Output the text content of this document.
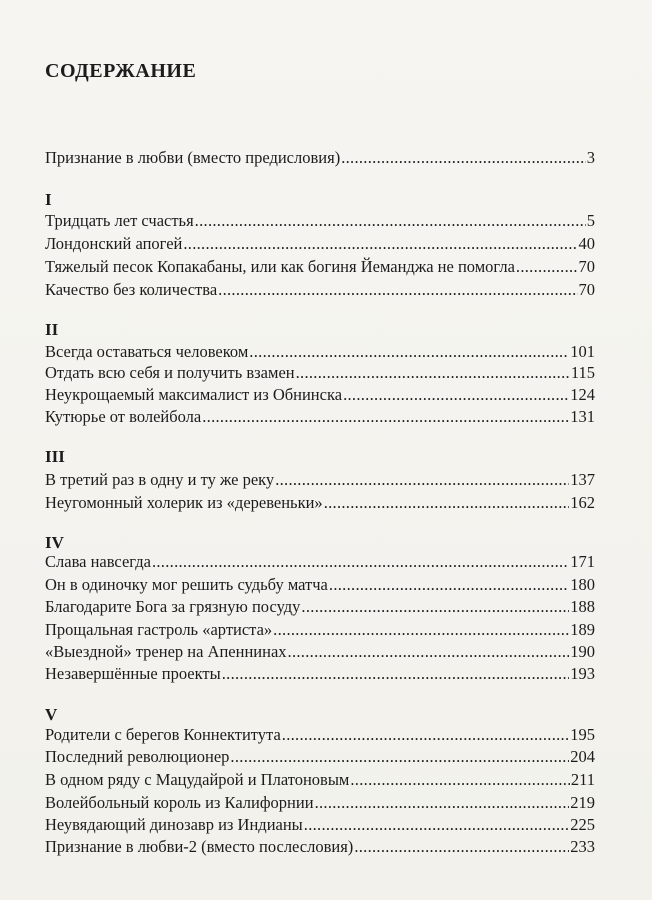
СОДЕРЖАНИЕ
Признание в любви (вместо предисловия) .....	3
I
Тридцать лет счастья .....	5
Лондонский апогей .....	40
Тяжелый песок Копакабаны, или как богиня Йеманджа не помогла .....	70
Качество без количества .....	70
II
Всегда оставаться человеком .....	101
Отдать всю себя и получить взамен .....	115
Неукрощаемый максималист из Обнинска .....	124
Кутюрье от волейбола .....	131
III
В третий раз в одну и ту же реку .....	137
Неугомонный холерик из «деревеньки» .....	162
IV
Слава навсегда .....	171
Он в одиночку мог решить судьбу матча .....	180
Благодарите Бога за грязную посуду .....	188
Прощальная гастроль «артиста» .....	189
«Выездной» тренер на Апеннинах .....	190
Незавершённые проекты .....	193
V
Родители с берегов Коннектитута .....	195
Последний революционер .....	204
В одном ряду с Мацудайрой и Платоновым .....	211
Волейбольный король из Калифорнии .....	219
Неувядающий динозавр из Индианы .....	225
Признание в любви-2 (вместо послесловия) .....	233
